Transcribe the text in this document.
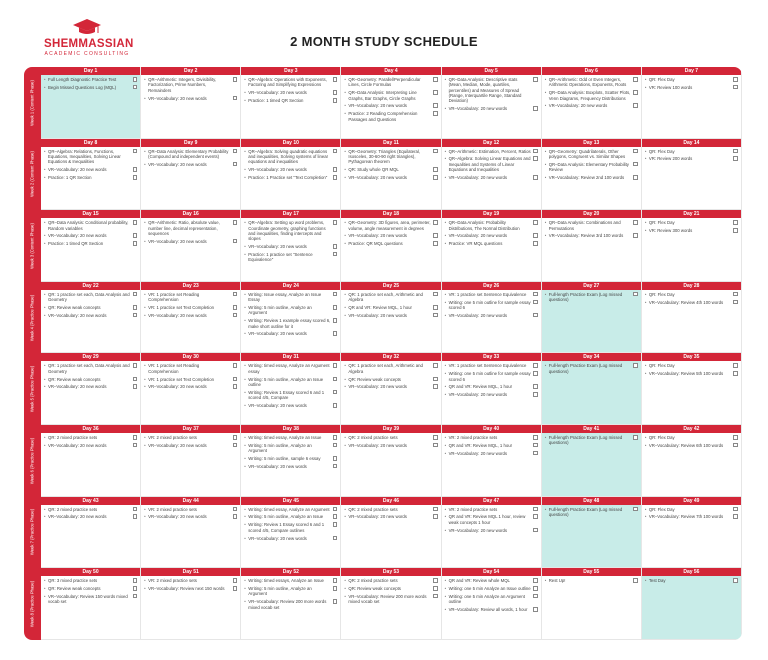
SHEMMASSIAN
ACADEMIC CONSULTING
2 MONTH STUDY SCHEDULE
Week 1 (Content Phase)
Day 1
• Full Length Diagnostic Practice Test
• Begin Missed Questions Log (MQL)
Day 2
• QR–Arithmetic: Integers, Divisibility, Factorization, Prime Numbers, Remainders
• VR–Vocabulary: 20 new words
Day 3
• QR–Algebra: Operations with Exponents, Factoring and Simplifying Expressions
• VR–Vocabulary: 20 new words
• Practice: 1 timed QR Section
Day 4
• QR–Geometry: Parallel/Perpendicular Lines, Circle Formulas
• QR–Data Analysis: Interpreting Line Graphs, Bar Graphs, Circle Graphs
• VR–Vocabulary: 20 new words
• Practice: 2 Reading Comprehension Passages and Questions
Day 5
• QR–Data Analysis: Descriptive stats (Mean, Median, Mode, quartiles, percentiles) and Measures of Spread (Range, Interquartile Range, Standard Deviation)
• VR–Vocabulary: 20 new words
Day 6
• QR–Arithmetic: Odd or Even Integers, Arithmetic Operations, Exponents, Roots
• QR–Data Analysis: Boxplots, Scatter Plots, Venn Diagrams, Frequency Distributions
• VR–Vocabulary: 20 new words
Day 7
• QR: Flex Day
• VR: Review 100 words
Week 2 (Content Phase)
Day 8
• QR–Algebra: Relations, Functions, Equations, Inequalities, Solving Linear Equations & Inequalities
• VR–Vocabulary: 20 new words
• Practice: 1 QR Section
Day 9
• QR–Data Analysis: Elementary Probability (Compound and independent events)
• VR–Vocabulary: 20 new words
Day 10
• QR–Algebra: Solving quadratic equations and inequalities, Solving systems of linear equations and inequalities
• VR–Vocabulary: 20 new words
• Practice: 1 Practice set "Text Completion"
Day 11
• QR–Geometry: Triangles (Equilateral, Isosceles, 30-60-90 right triangles), Pythagorean theorem
• QR: Study whole QR MQL
• VR–Vocabulary: 20 new words
Day 12
• QR–Arithmetic: Estimation, Percent, Ratios
• QR–Algebra: Solving Linear Equations and Inequalities and Systems of Linear Equations and Inequalities
• VR–Vocabulary: 20 new words
Day 13
• QR–Geometry: Quadrilaterals, Other polygons, Congruent vs. Similar Shapes
• QR–Data Analysis: Elementary Probability Review
• VR–Vocabulary: Review 2nd 100 words
Day 14
• QR: Flex Day
• VR: Review 200 words
Week 3 (Content Phase)
Day 15
• QR–Data Analysis: Conditional probability, Random variables
• VR–Vocabulary: 20 new words
• Practice: 1 timed QR Section
Day 16
• QR–Arithmetic: Ratio, absolute value, number line, decimal representation, sequences
• VR–Vocabulary: 20 new words
Day 17
• QR–Algebra: Setting up word problems, Coordinate geometry, graphing functions and inequalities, finding intercepts and slopes
• VR–Vocabulary: 20 new words
• Practice: 1 practice set "Sentence Equivalence"
Day 18
• QR–Geometry: 3D figures, area, perimeter, volume, angle measurement in degrees
• VR–Vocabulary: 20 new words
• Practice: QR MQL questions
Day 19
• QR–Data Analysis: Probability Distributions, The Normal Distribution
• VR–Vocabulary: 20 new words
• Practice: VR MQL questions
Day 20
• QR–Data Analysis: Combinations and Permutations
• VR–Vocabulary: Review 3rd 100 words
Day 21
• QR: Flex Day
• VR: Review 300 words
Week 4 (Practice Phase)
Day 22
• QR: 1 practice set each, Data Analysis and Geometry
• QR: Review weak concepts
• VR–Vocabulary: 20 new words
Day 23
• VR: 1 practice set Reading Comprehension
• VR: 1 practice set Text Completion
• VR–Vocabulary: 20 new words
Day 24
• Writing: Issue essay, Analyze an Issue Essay
• Writing: 5 min outline, Analyze an Argument
• Writing: Review 1 example essay scored 6, make short outline for it
• VR–Vocabulary: 20 new words
Day 25
• QR: 1 practice set each, Arithmetic and Algebra
• QR and VR: Review MQL, 1 hour
• VR–Vocabulary: 20 new words
Day 26
• VR: 1 practice set Sentence Equivalence
• Writing: one 5 min outline for sample essay scored 6
• VR–Vocabulary: 20 new words
Day 27
• Full-length Practice Exam (Log missed questions)
Day 28
• QR: Flex Day
• VR–Vocabulary: Review 4th 100 words
Week 5 (Practice Phase)
Day 29
• QR: 1 practice set each, Data Analysis and Geometry
• QR: Review weak concepts
• VR–Vocabulary: 20 new words
Day 30
• VR: 1 practice set Reading Comprehension
• VR: 1 practice set Text Completion
• VR–Vocabulary: 20 new words
Day 31
• Writing: timed essay, Analyze an Argument essay
• Writing: 5 min outline, Analyze an Issue outline
• Writing: Review 1 Essay scored 6 and 1 scored 4/5, Compare
• VR–Vocabulary: 20 new words
Day 32
• QR: 1 practice set each, Arithmetic and Algebra
• QR: Review weak concepts
• VR–Vocabulary: 20 new words
Day 33
• VR: 1 practice set Sentence Equivalence
• Writing: one 5 min outline for sample essay scored 6
• QR and VR: Review MQL, 1 hour
• VR–Vocabulary: 20 new words
Day 34
• Full-length Practice Exam (Log missed questions)
Day 35
• QR: Flex Day
• VR–Vocabulary: Review 5th 100 words
Week 6 (Practice Phase)
Day 36
• QR: 2 mixed practice sets
• VR–Vocabulary: 20 new words
Day 37
• VR: 2 mixed practice sets
• VR–Vocabulary: 20 new words
Day 38
• Writing: timed essay, Analyze an Issue
• Writing: 5 min outline, Analyze an Argument
• Writing: 5 min outline, sample 6 essay
• VR–Vocabulary: 20 new words
Day 39
• QR: 2 mixed practice sets
• VR–Vocabulary: 20 new words
Day 40
• VR: 2 mixed practice sets
• QR and VR: Review MQL, 1 hour
• VR–Vocabulary: 20 new words
Day 41
• Full-length Practice Exam (Log missed questions)
Day 42
• QR: Flex Day
• VR–Vocabulary: Review 6th 100 words
Week 7 (Practice Phase)
Day 43
• QR: 2 mixed practice sets
• VR–Vocabulary: 20 new words
Day 44
• VR: 2 mixed practice sets
• VR–Vocabulary: 20 new words
Day 45
• Writing: timed essay, Analyze an Argument
• Writing: 5 min outline, Analyze an Issue
• Writing: Review 1 Essay scored 6 and 1 scored 4/5, Compare outlines
• VR–Vocabulary: 20 new words
Day 46
• QR: 2 mixed practice sets
• VR–Vocabulary: 20 new words
Day 47
• VR: 2 mixed practice sets
• QR and VR: Review MQL 1 hour, review weak concepts 1 hour
• VR–Vocabulary: 20 new words
Day 48
• Full-length Practice Exam (Log missed questions)
Day 49
• QR: Flex Day
• VR–Vocabulary: Review 7th 100 words
Week 8 (Practice Phase)
Day 50
• QR: 3 mixed practice sets
• QR: Review weak concepts
• VR–Vocabulary: Review 150 words mixed vocab set
Day 51
• VR: 2 mixed practice sets
• VR–Vocabulary: Review next 150 words
Day 52
• Writing: timed essays, Analyze an Issue
• Writing: 5 min outline, Analyze an Argument
• VR–Vocabulary: Review 200 more words mixed vocab set
Day 53
• QR: 2 mixed practice sets
• QR: Review weak concepts
• VR–Vocabulary: Review 200 more words mixed vocab set
Day 54
• QR and VR: Review whole MQL
• Writing: one 5 min Analyze an Issue outline
• Writing: one 5 min Analyze an Argument outline
• VR–Vocabulary: Review all words, 1 hour
Day 55
• Rest Up!
Day 56
• Test Day
